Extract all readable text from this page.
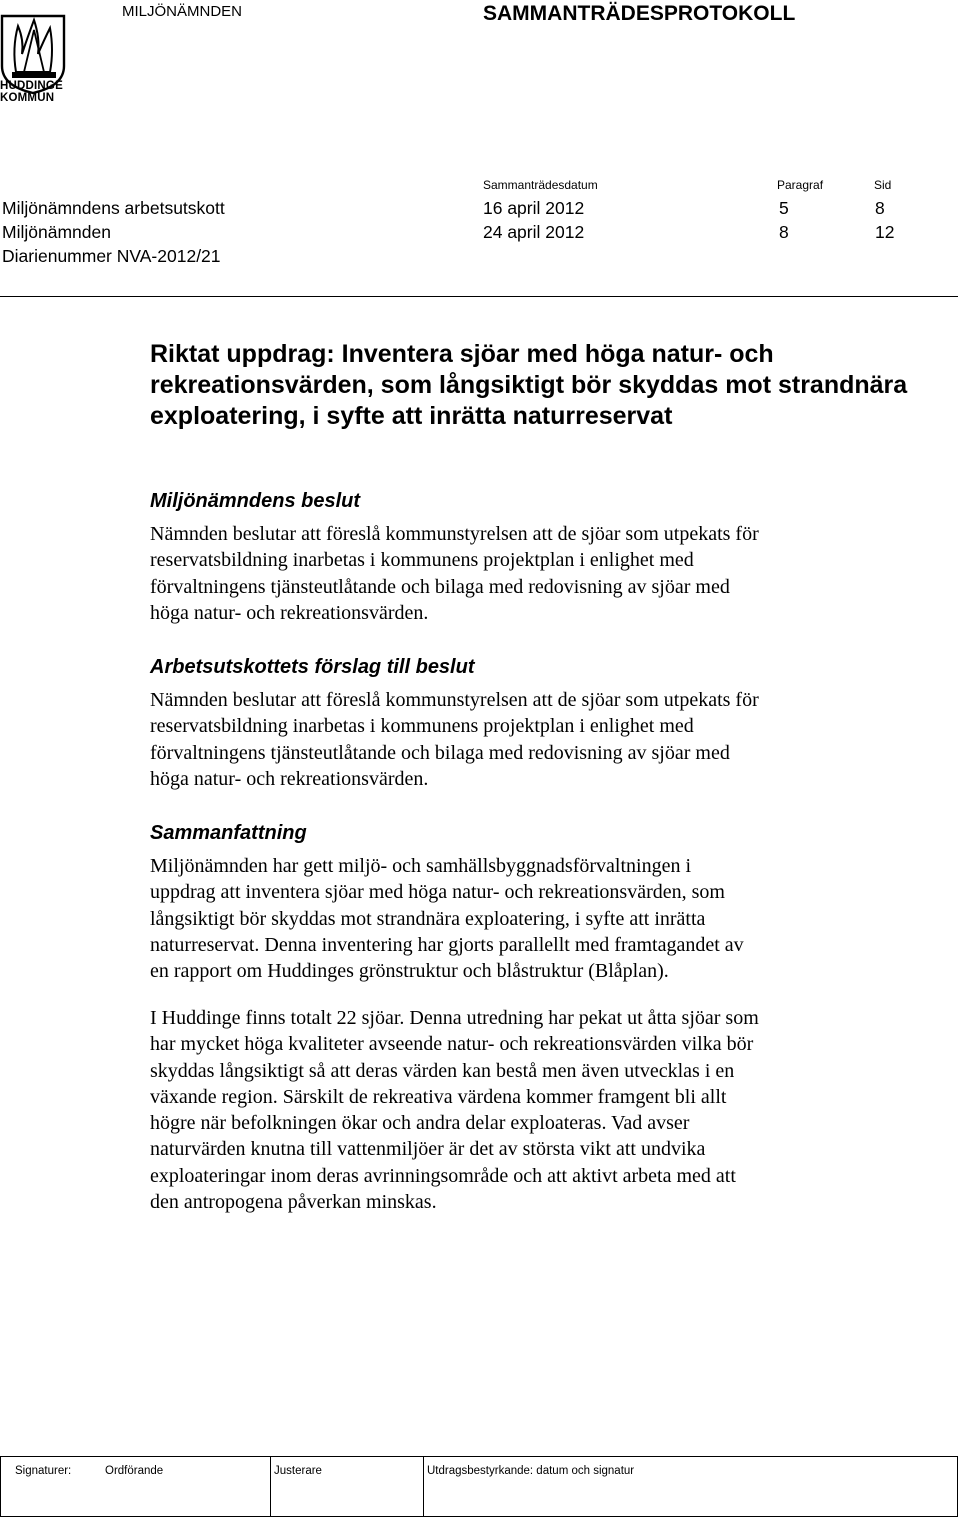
HUDDINGE
KOMMUN
MILJÖNÄMNDEN	SAMMANTRÄDESPROTOKOLL
Sammanträdesdatum	Paragraf	Sid
Miljönämndens arbetsutskott	16 april 2012	5	8
Miljönämnden	24 april 2012	8	12
Diarienummer NVA-2012/21
Riktat uppdrag: Inventera sjöar med höga natur- och rekreationsvärden, som långsiktigt bör skyddas mot strandnära exploatering, i syfte att inrätta naturreservat
Miljönämndens beslut

Nämnden beslutar att föreslå kommunstyrelsen att de sjöar som utpekats för
reservatsbildning inarbetas i kommunens projektplan i enlighet med
förvaltningens tjänsteutlåtande och bilaga med redovisning av sjöar med
höga natur- och rekreationsvärden.

Arbetsutskottets förslag till beslut

Nämnden beslutar att föreslå kommunstyrelsen att de sjöar som utpekats för
reservatsbildning inarbetas i kommunens projektplan i enlighet med
förvaltningens tjänsteutlåtande och bilaga med redovisning av sjöar med
höga natur- och rekreationsvärden.

Sammanfattning

Miljönämnden har gett miljö- och samhällsbyggnadsförvaltningen i
uppdrag att inventera sjöar med höga natur- och rekreationsvärden, som
långsiktigt bör skyddas mot strandnära exploatering, i syfte att inrätta
naturreservat. Denna inventering har gjorts parallellt med framtagandet av
en rapport om Huddinges grönstruktur och blåstruktur (Blåplan).

I Huddinge finns totalt 22 sjöar. Denna utredning har pekat ut åtta sjöar som
har mycket höga kvaliteter avseende natur- och rekreationsvärden vilka bör
skyddas långsiktigt så att deras värden kan bestå men även utvecklas i en
växande region. Särskilt de rekreativa värdena kommer framgent bli allt
högre när befolkningen ökar och andra delar exploateras. Vad avser
naturvärden knutna till vattenmiljöer är det av största vikt att undvika
exploateringar inom deras avrinningsområde och att aktivt arbeta med att
den antropogena påverkan minskas.

Signaturer:	Ordförande	Justerare	Utdragsbestyrkande: datum och signatur
